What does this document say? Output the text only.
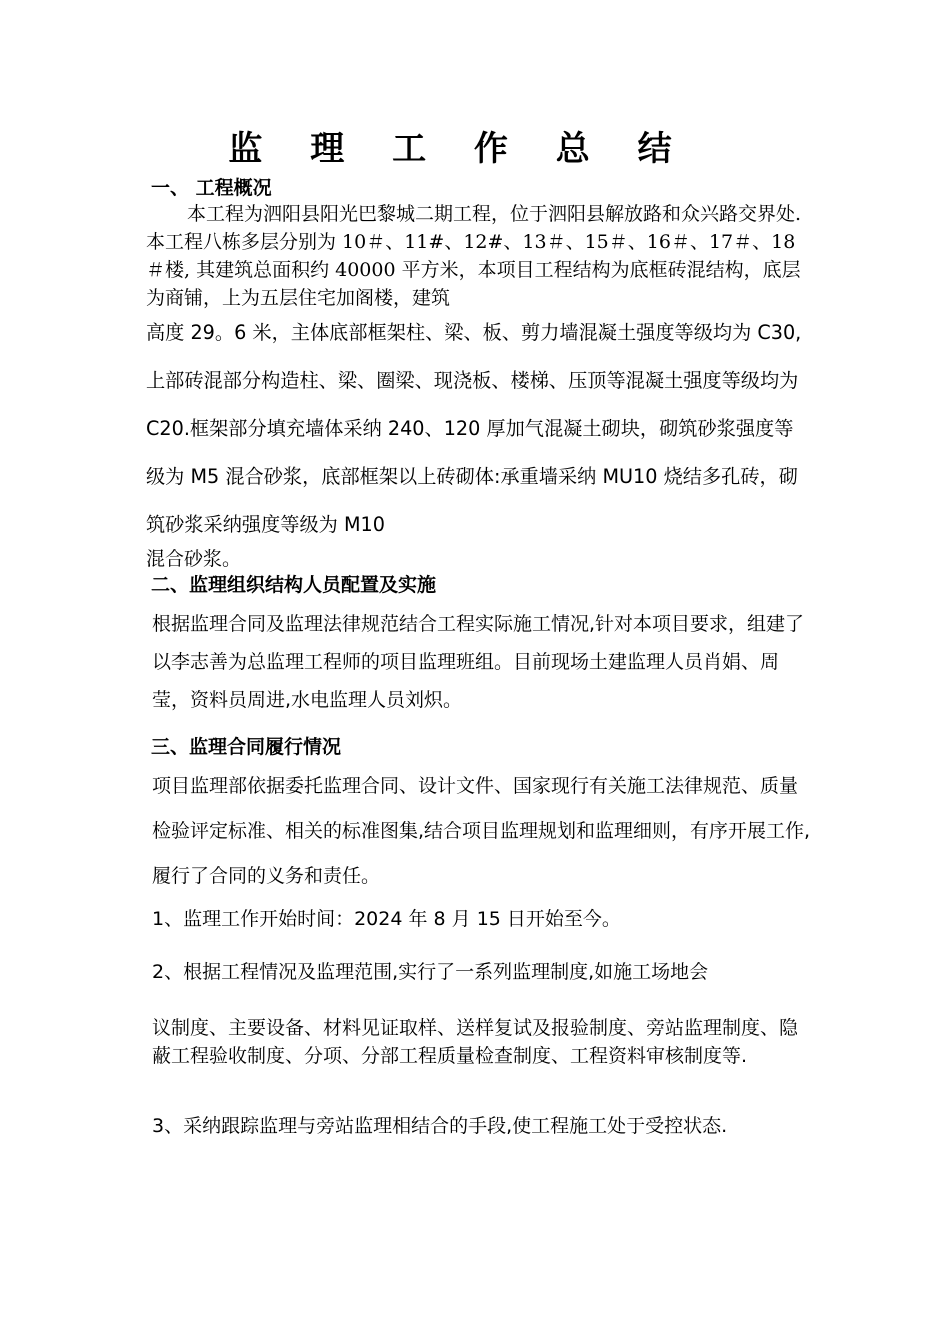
监 理 工 作 总 结
一、 工程概况

本工程为泗阳县阳光巴黎城二期工程，位于泗阳县解放路和众兴路交界处. 本工程八栋多层分别为 10＃、11#、12#、13＃、15＃、16＃、17＃、18＃楼, 其建筑总面积约 40000 平方米，本项目工程结构为底框砖混结构，底层为商铺，上为五层住宅加阁楼，建筑

高度 29。6 米，主体底部框架柱、梁、板、剪力墙混凝土强度等级均为 C30,上部砖混部分构造柱、梁、圈梁、现浇板、楼梯、压顶等混凝土强度等级均为 C20.框架部分填充墙体采纳 240、120 厚加气混凝土砌块，砌筑砂浆强度等级为 M5 混合砂浆，底部框架以上砖砌体:承重墙采纳 MU10 烧结多孔砖，砌筑砂浆采纳强度等级为 M10

混合砂浆。

二、监理组织结构人员配置及实施

根据监理合同及监理法律规范结合工程实际施工情况,针对本项目要求，组建了以李志善为总监理工程师的项目监理班组。目前现场土建监理人员肖娟、周莹，资料员周进,水电监理人员刘炽。

三、监理合同履行情况

项目监理部依据委托监理合同、设计文件、国家现行有关施工法律规范、质量检验评定标准、相关的标准图集,结合项目监理规划和监理细则，有序开展工作,履行了合同的义务和责任。

1、监理工作开始时间：2024 年 8 月 15 日开始至今。

2、根据工程情况及监理范围,实行了一系列监理制度,如施工场地会

议制度、主要设备、材料见证取样、送样复试及报验制度、旁站监理制度、隐蔽工程验收制度、分项、分部工程质量检查制度、工程资料审核制度等.

3、采纳跟踪监理与旁站监理相结合的手段,使工程施工处于受控状态.
